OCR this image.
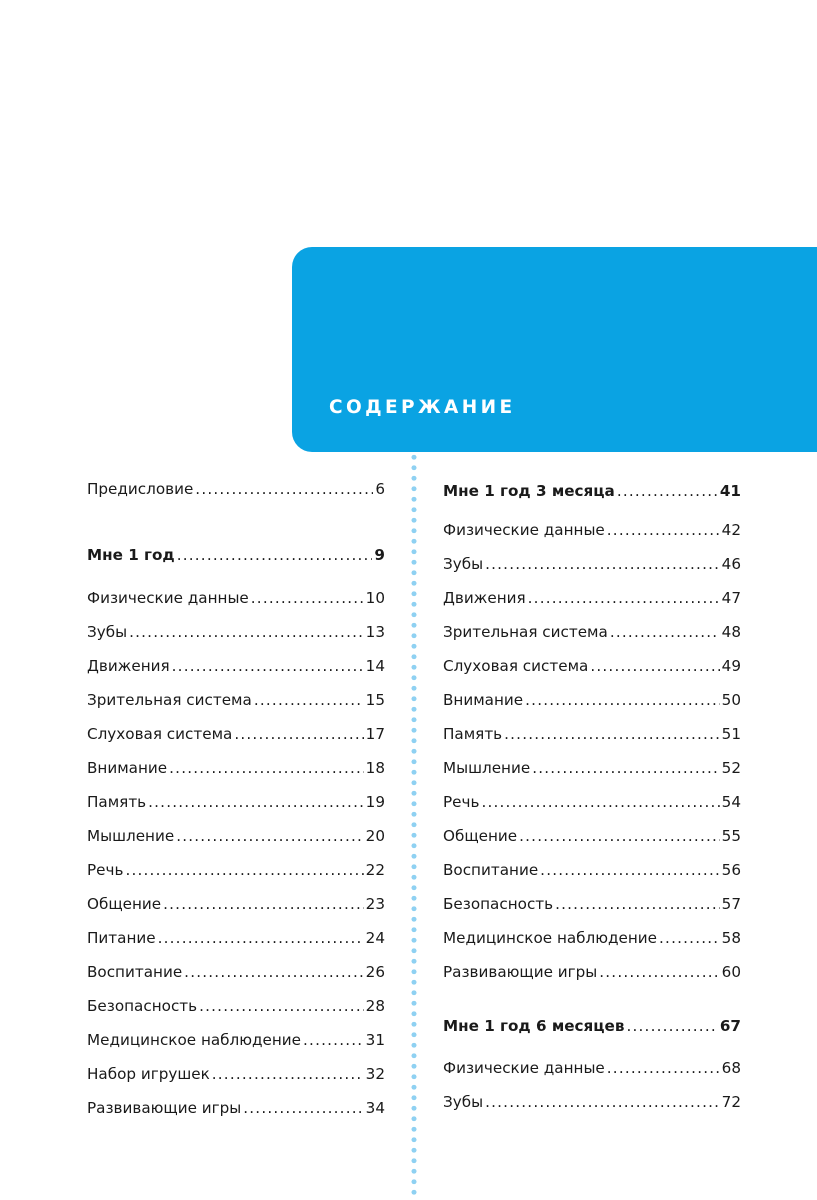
СОДЕРЖАНИЕ
Предисловие .....	6
Мне 1 год .....	9
Физические данные .....	10
Зубы .....	13
Движения .....	14
Зрительная система .....	15
Слуховая система .....	17
Внимание .....	18
Память .....	19
Мышление .....	20
Речь .....	22
Общение .....	23
Питание .....	24
Воспитание .....	26
Безопасность .....	28
Медицинское наблюдение .....	31
Набор игрушек .....	32
Развивающие игры .....	34
Мне 1 год 3 месяца .....	41
Физические данные .....	42
Зубы .....	46
Движения .....	47
Зрительная система .....	48
Слуховая система .....	49
Внимание .....	50
Память .....	51
Мышление .....	52
Речь .....	54
Общение .....	55
Воспитание .....	56
Безопасность .....	57
Медицинское наблюдение .....	58
Развивающие игры .....	60
Мне 1 год 6 месяцев .....	67
Физические данные .....	68
Зубы .....	72
